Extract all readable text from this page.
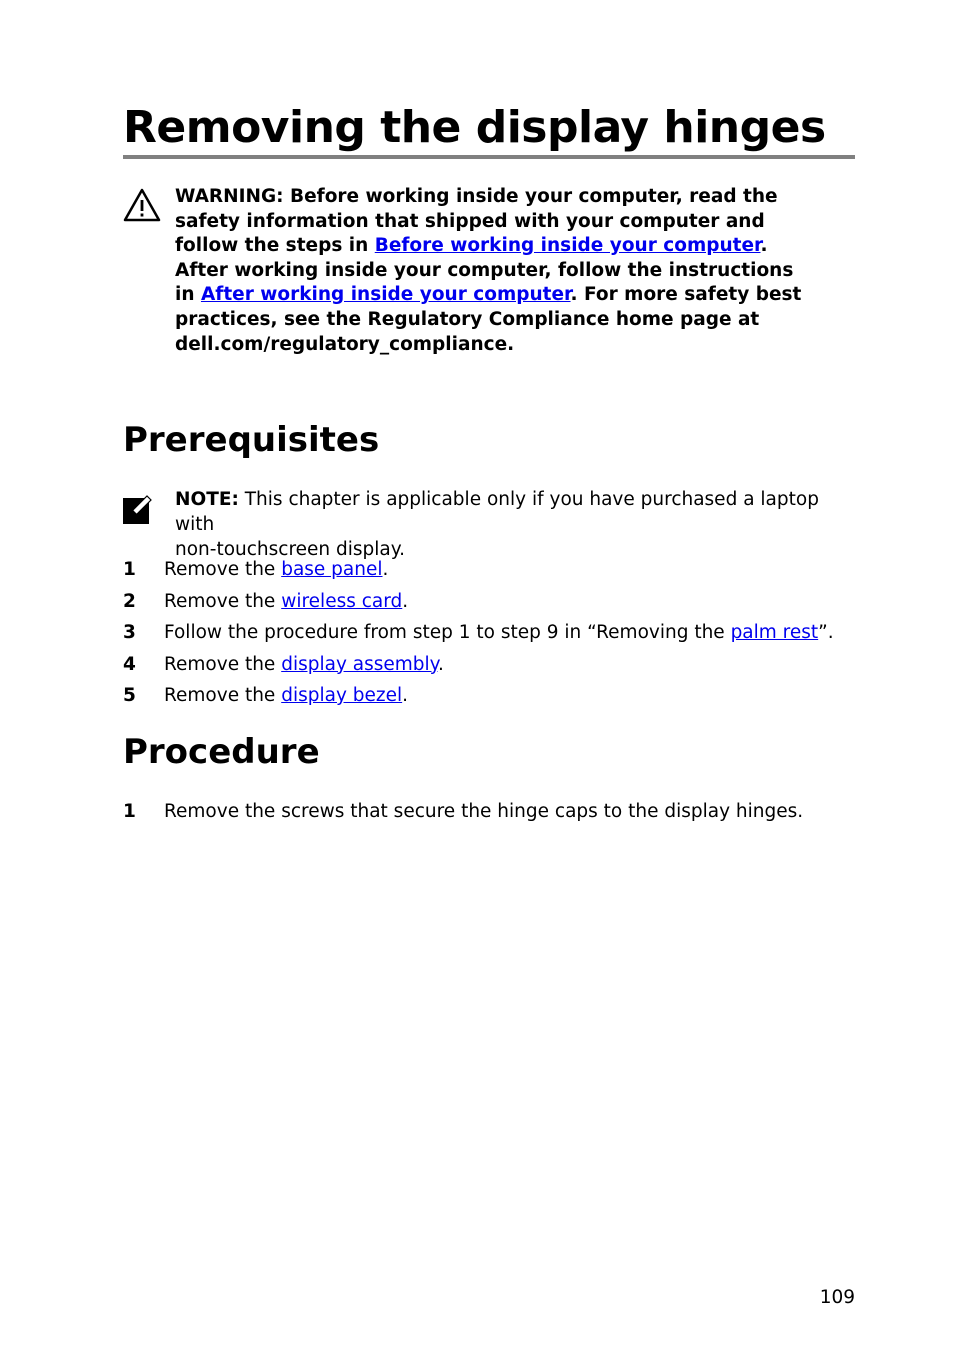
Removing the display hinges
WARNING: Before working inside your computer, read the
safety information that shipped with your computer and
follow the steps in Before working inside your computer.
After working inside your computer, follow the instructions
in After working inside your computer. For more safety best
practices, see the Regulatory Compliance home page at
dell.com/regulatory_compliance.
Prerequisites
NOTE: This chapter is applicable only if you have purchased a laptop with
non-touchscreen display.
1 Remove the base panel.
2 Remove the wireless card.
3 Follow the procedure from step 1 to step 9 in “Removing the palm rest”.
4 Remove the display assembly.
5 Remove the display bezel.
Procedure
1 Remove the screws that secure the hinge caps to the display hinges.
109
